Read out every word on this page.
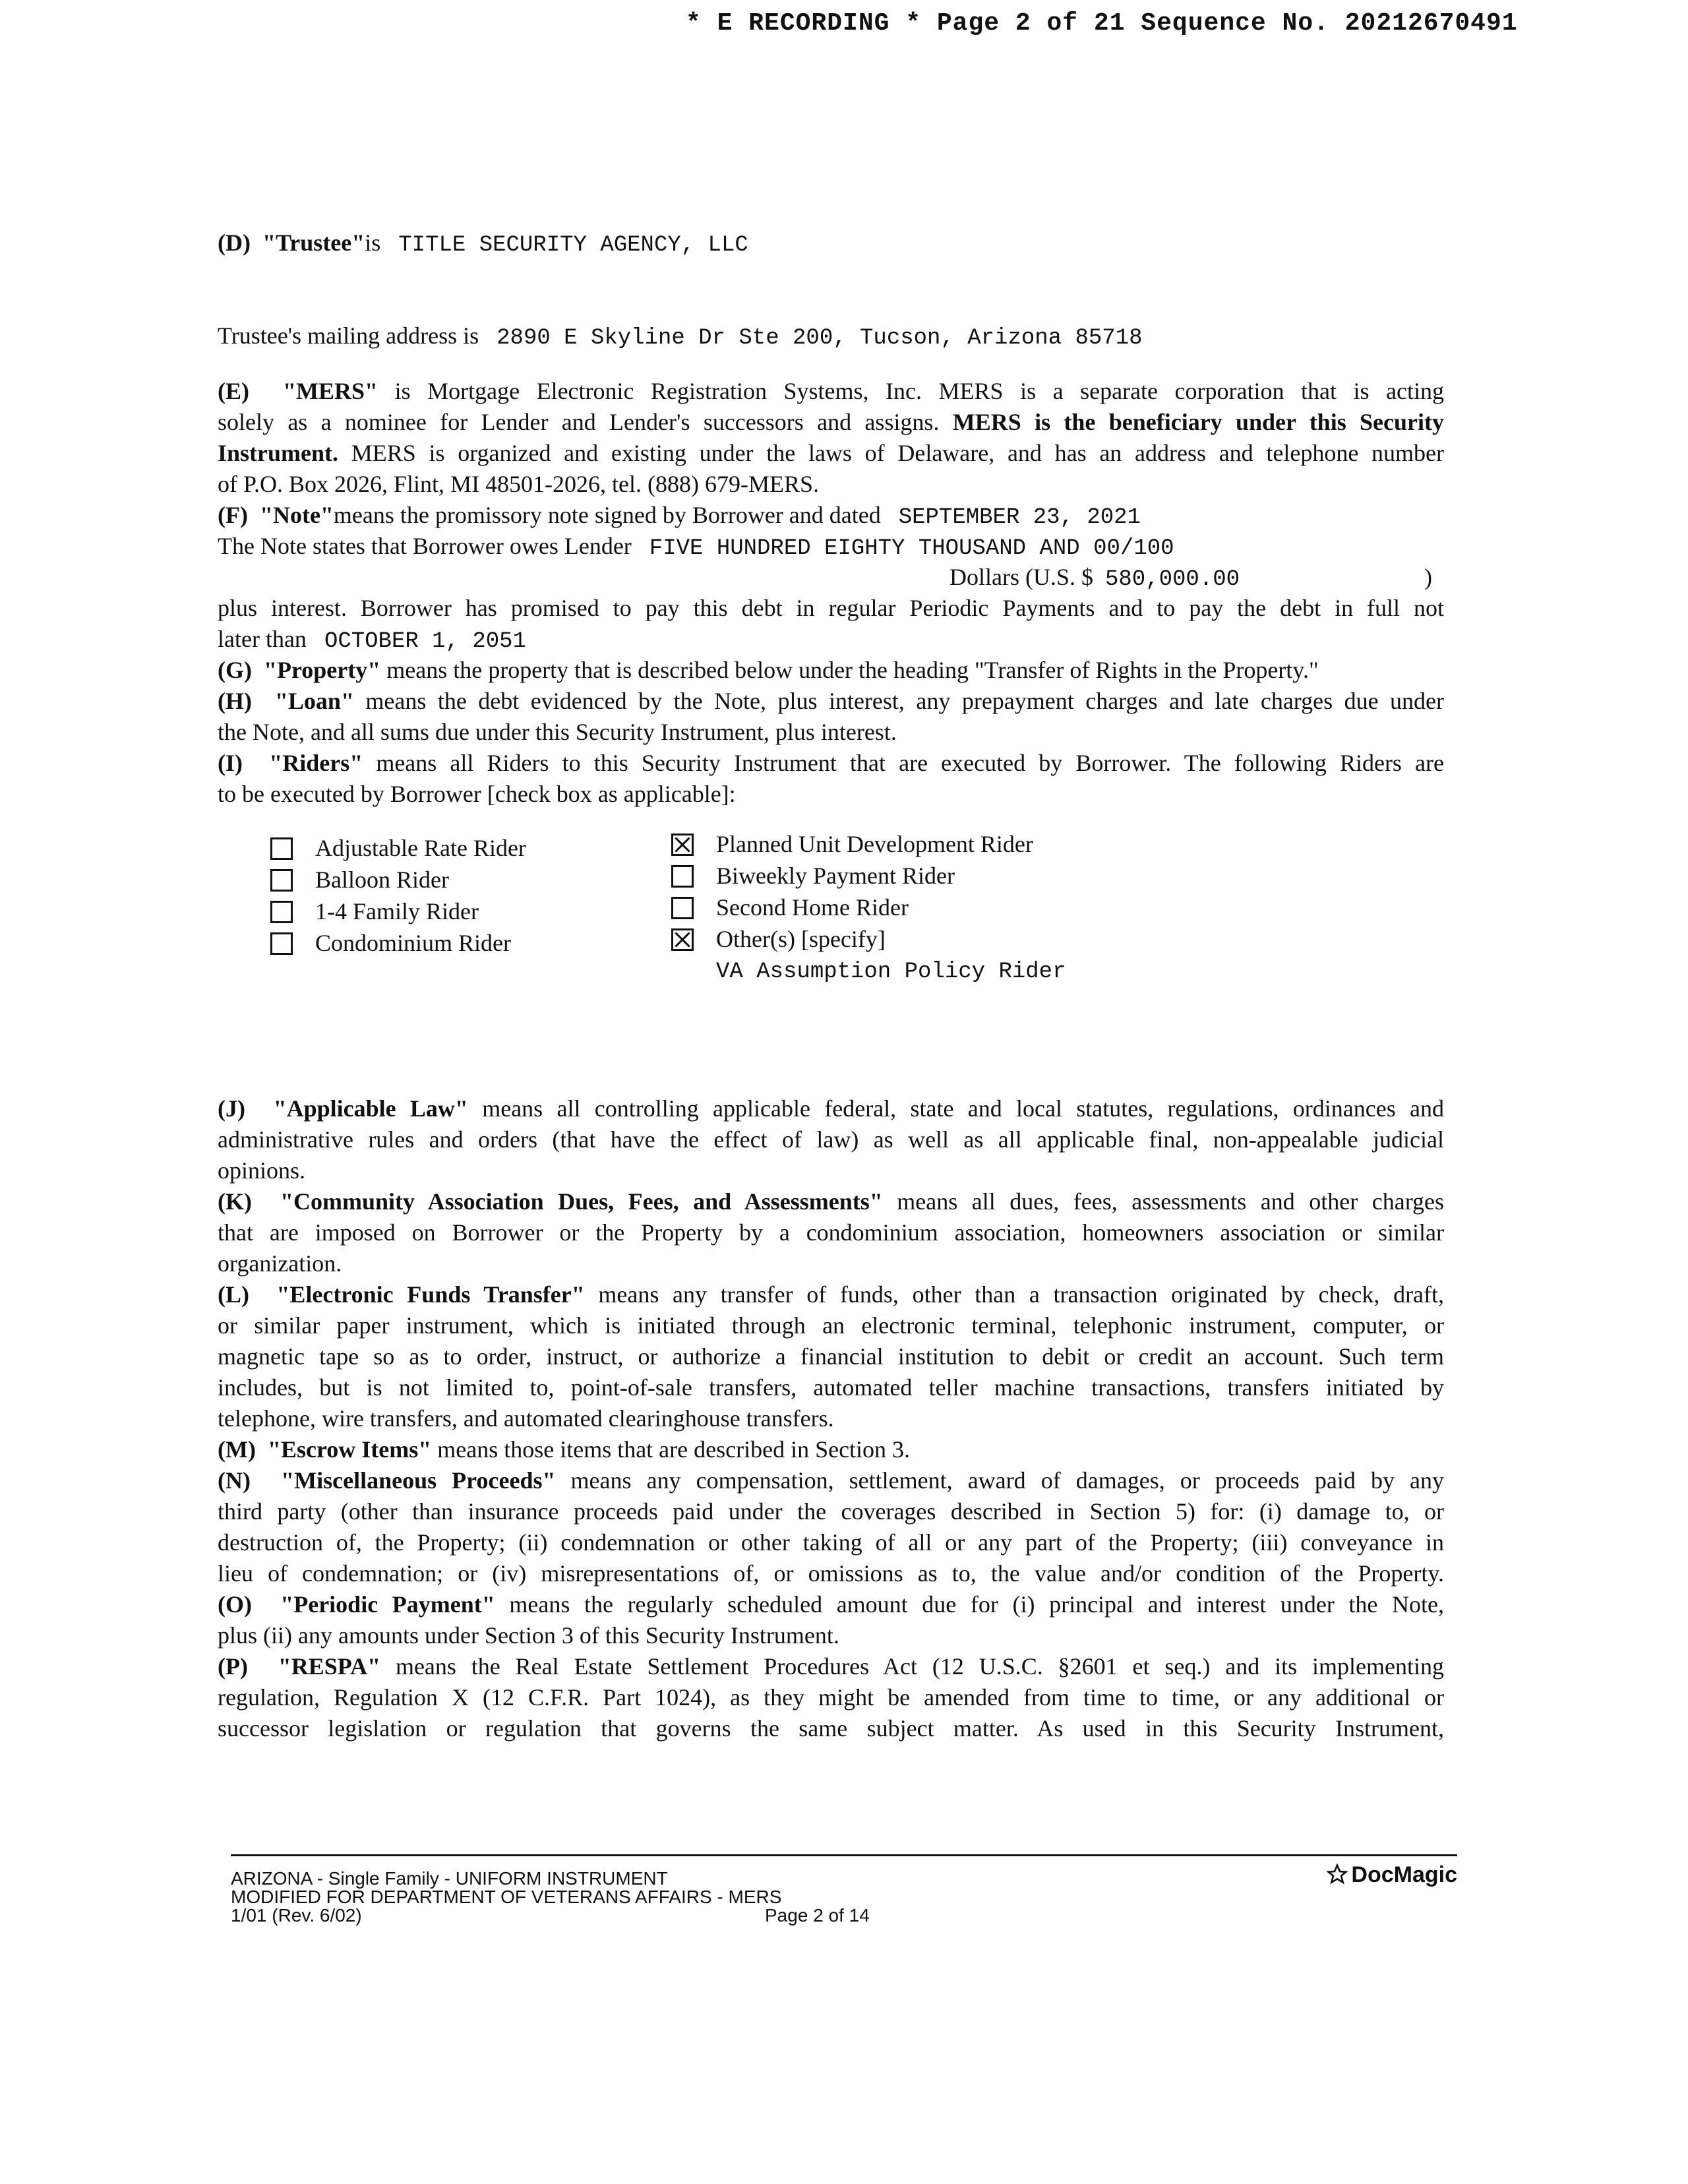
* E RECORDING * Page 2 of 21 Sequence No. 20212670491
(D) "Trustee"is TITLE SECURITY AGENCY, LLC
Trustee's mailing address is 2890 E Skyline Dr Ste 200, Tucson, Arizona 85718
(E) "MERS" is Mortgage Electronic Registration Systems, Inc. MERS is a separate corporation that is acting
solely as a nominee for Lender and Lender's successors and assigns. MERS is the beneficiary under this Security
Instrument. MERS is organized and existing under the laws of Delaware, and has an address and telephone number
of P.O. Box 2026, Flint, MI 48501-2026, tel. (888) 679-MERS.
(F) "Note"means the promissory note signed by Borrower and dated SEPTEMBER 23, 2021
The Note states that Borrower owes Lender FIVE HUNDRED EIGHTY THOUSAND AND 00/100
Dollars (U.S. $ 580,000.00	)
plus interest. Borrower has promised to pay this debt in regular Periodic Payments and to pay the debt in full not
later than OCTOBER 1, 2051
(G) "Property" means the property that is described below under the heading "Transfer of Rights in the Property."
(H) "Loan" means the debt evidenced by the Note, plus interest, any prepayment charges and late charges due under
the Note, and all sums due under this Security Instrument, plus interest.
(I) "Riders" means all Riders to this Security Instrument that are executed by Borrower. The following Riders are
to be executed by Borrower [check box as applicable]:
Adjustable Rate Rider
Balloon Rider
1-4 Family Rider
Condominium Rider
Planned Unit Development Rider
Biweekly Payment Rider
Second Home Rider
Other(s) [specify]
VA Assumption Policy Rider
(J) "Applicable Law" means all controlling applicable federal, state and local statutes, regulations, ordinances and
administrative rules and orders (that have the effect of law) as well as all applicable final, non-appealable judicial
opinions.
(K) "Community Association Dues, Fees, and Assessments" means all dues, fees, assessments and other charges
that are imposed on Borrower or the Property by a condominium association, homeowners association or similar
organization.
(L) "Electronic Funds Transfer" means any transfer of funds, other than a transaction originated by check, draft,
or similar paper instrument, which is initiated through an electronic terminal, telephonic instrument, computer, or
magnetic tape so as to order, instruct, or authorize a financial institution to debit or credit an account. Such term
includes, but is not limited to, point-of-sale transfers, automated teller machine transactions, transfers initiated by
telephone, wire transfers, and automated clearinghouse transfers.
(M) "Escrow Items" means those items that are described in Section 3.
(N) "Miscellaneous Proceeds" means any compensation, settlement, award of damages, or proceeds paid by any
third party (other than insurance proceeds paid under the coverages described in Section 5) for: (i) damage to, or
destruction of, the Property; (ii) condemnation or other taking of all or any part of the Property; (iii) conveyance in
lieu of condemnation; or (iv) misrepresentations of, or omissions as to, the value and/or condition of the Property.
(O) "Periodic Payment" means the regularly scheduled amount due for (i) principal and interest under the Note,
plus (ii) any amounts under Section 3 of this Security Instrument.
(P) "RESPA" means the Real Estate Settlement Procedures Act (12 U.S.C. §2601 et seq.) and its implementing
regulation, Regulation X (12 C.F.R. Part 1024), as they might be amended from time to time, or any additional or
successor legislation or regulation that governs the same subject matter. As used in this Security Instrument,
ARIZONA - Single Family - UNIFORM INSTRUMENT
MODIFIED FOR DEPARTMENT OF VETERANS AFFAIRS - MERS
1/01 (Rev. 6/02)	Page 2 of 14
DocMagic
